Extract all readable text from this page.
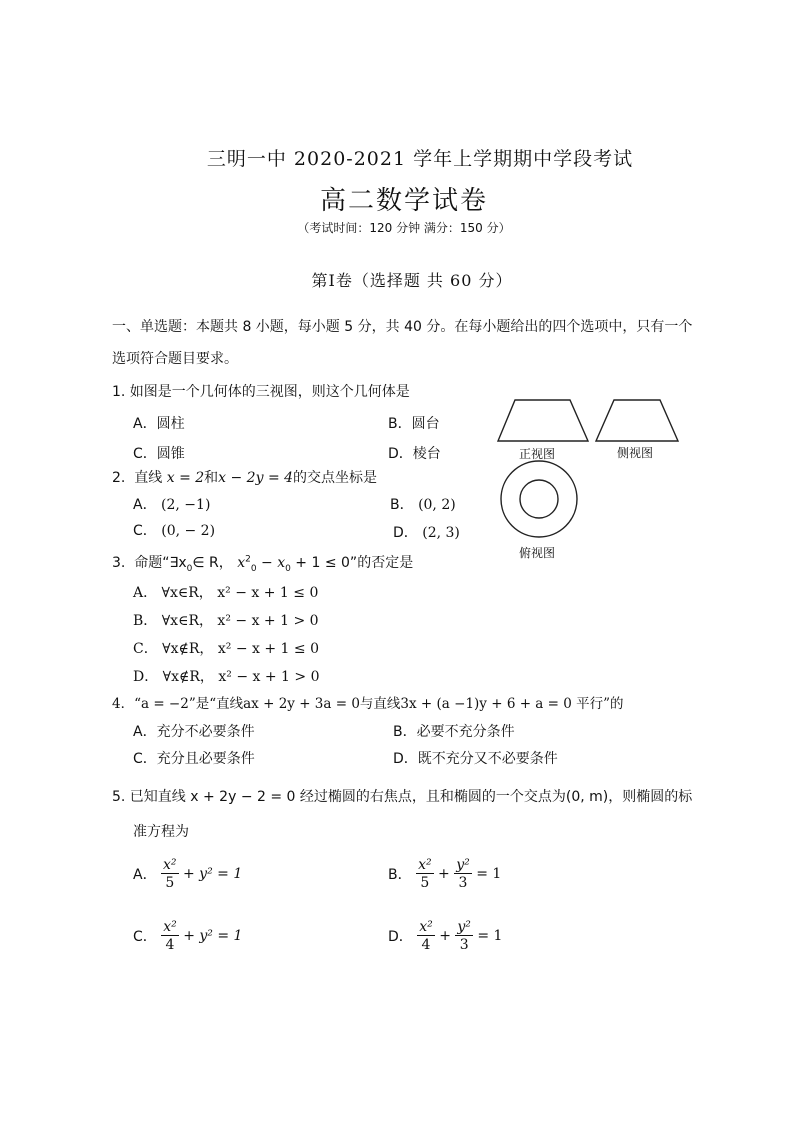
三明一中 2020-2021 学年上学期期中学段考试
高二数学试卷
（考试时间：120 分钟 满分：150 分）
第Ⅰ卷（选择题 共 60 分）
一、单选题：本题共 8 小题，每小题 5 分，共 40 分。在每小题给出的四个选项中，只有一个
选项符合题目要求。
1. 如图是一个几何体的三视图，则这个几何体是
A．圆柱	B．圆台
C．圆锥	D．棱台	正视图	侧视图
俯视图
2. 直线 x = 2和x − 2y = 4的交点坐标是
A． (2, −1)	B． (0, 2)
C． (0, − 2)	D． (2, 3)
3. 命题“$\exists x_0\in$ R， $x^2_0 - x_0 + 1 \le 0$”的否定是
A． ∀x∈R， x² − x + 1 ≤ 0
B． ∀x∈R， x² − x + 1 > 0
C． ∀x∉R， x² − x + 1 ≤ 0
D． ∀x∉R， x² − x + 1 > 0
4．“a = −2”是“直线ax + 2y + 3a = 0与直线3x + (a −1)y + 6 + a = 0 平行”的
A．充分不必要条件	B．必要不充分条件
C．充分且必要条件	D．既不充分又不必要条件
5. 已知直线 x + 2y − 2 = 0 经过椭圆的右焦点，且和椭圆的一个交点为(0, m)，则椭圆的标
准方程为
A． $\frac{\text{x²}}{5} + y^2 = 1$	B． $\frac{\text{x²}}{5} + \frac{\text{y²}}{3} = 1$
C． $\frac{\text{x²}}{4} + y^2 = 1$	D． $\frac{\text{x²}}{4} + \frac{\text{y²}}{3} = 1$
